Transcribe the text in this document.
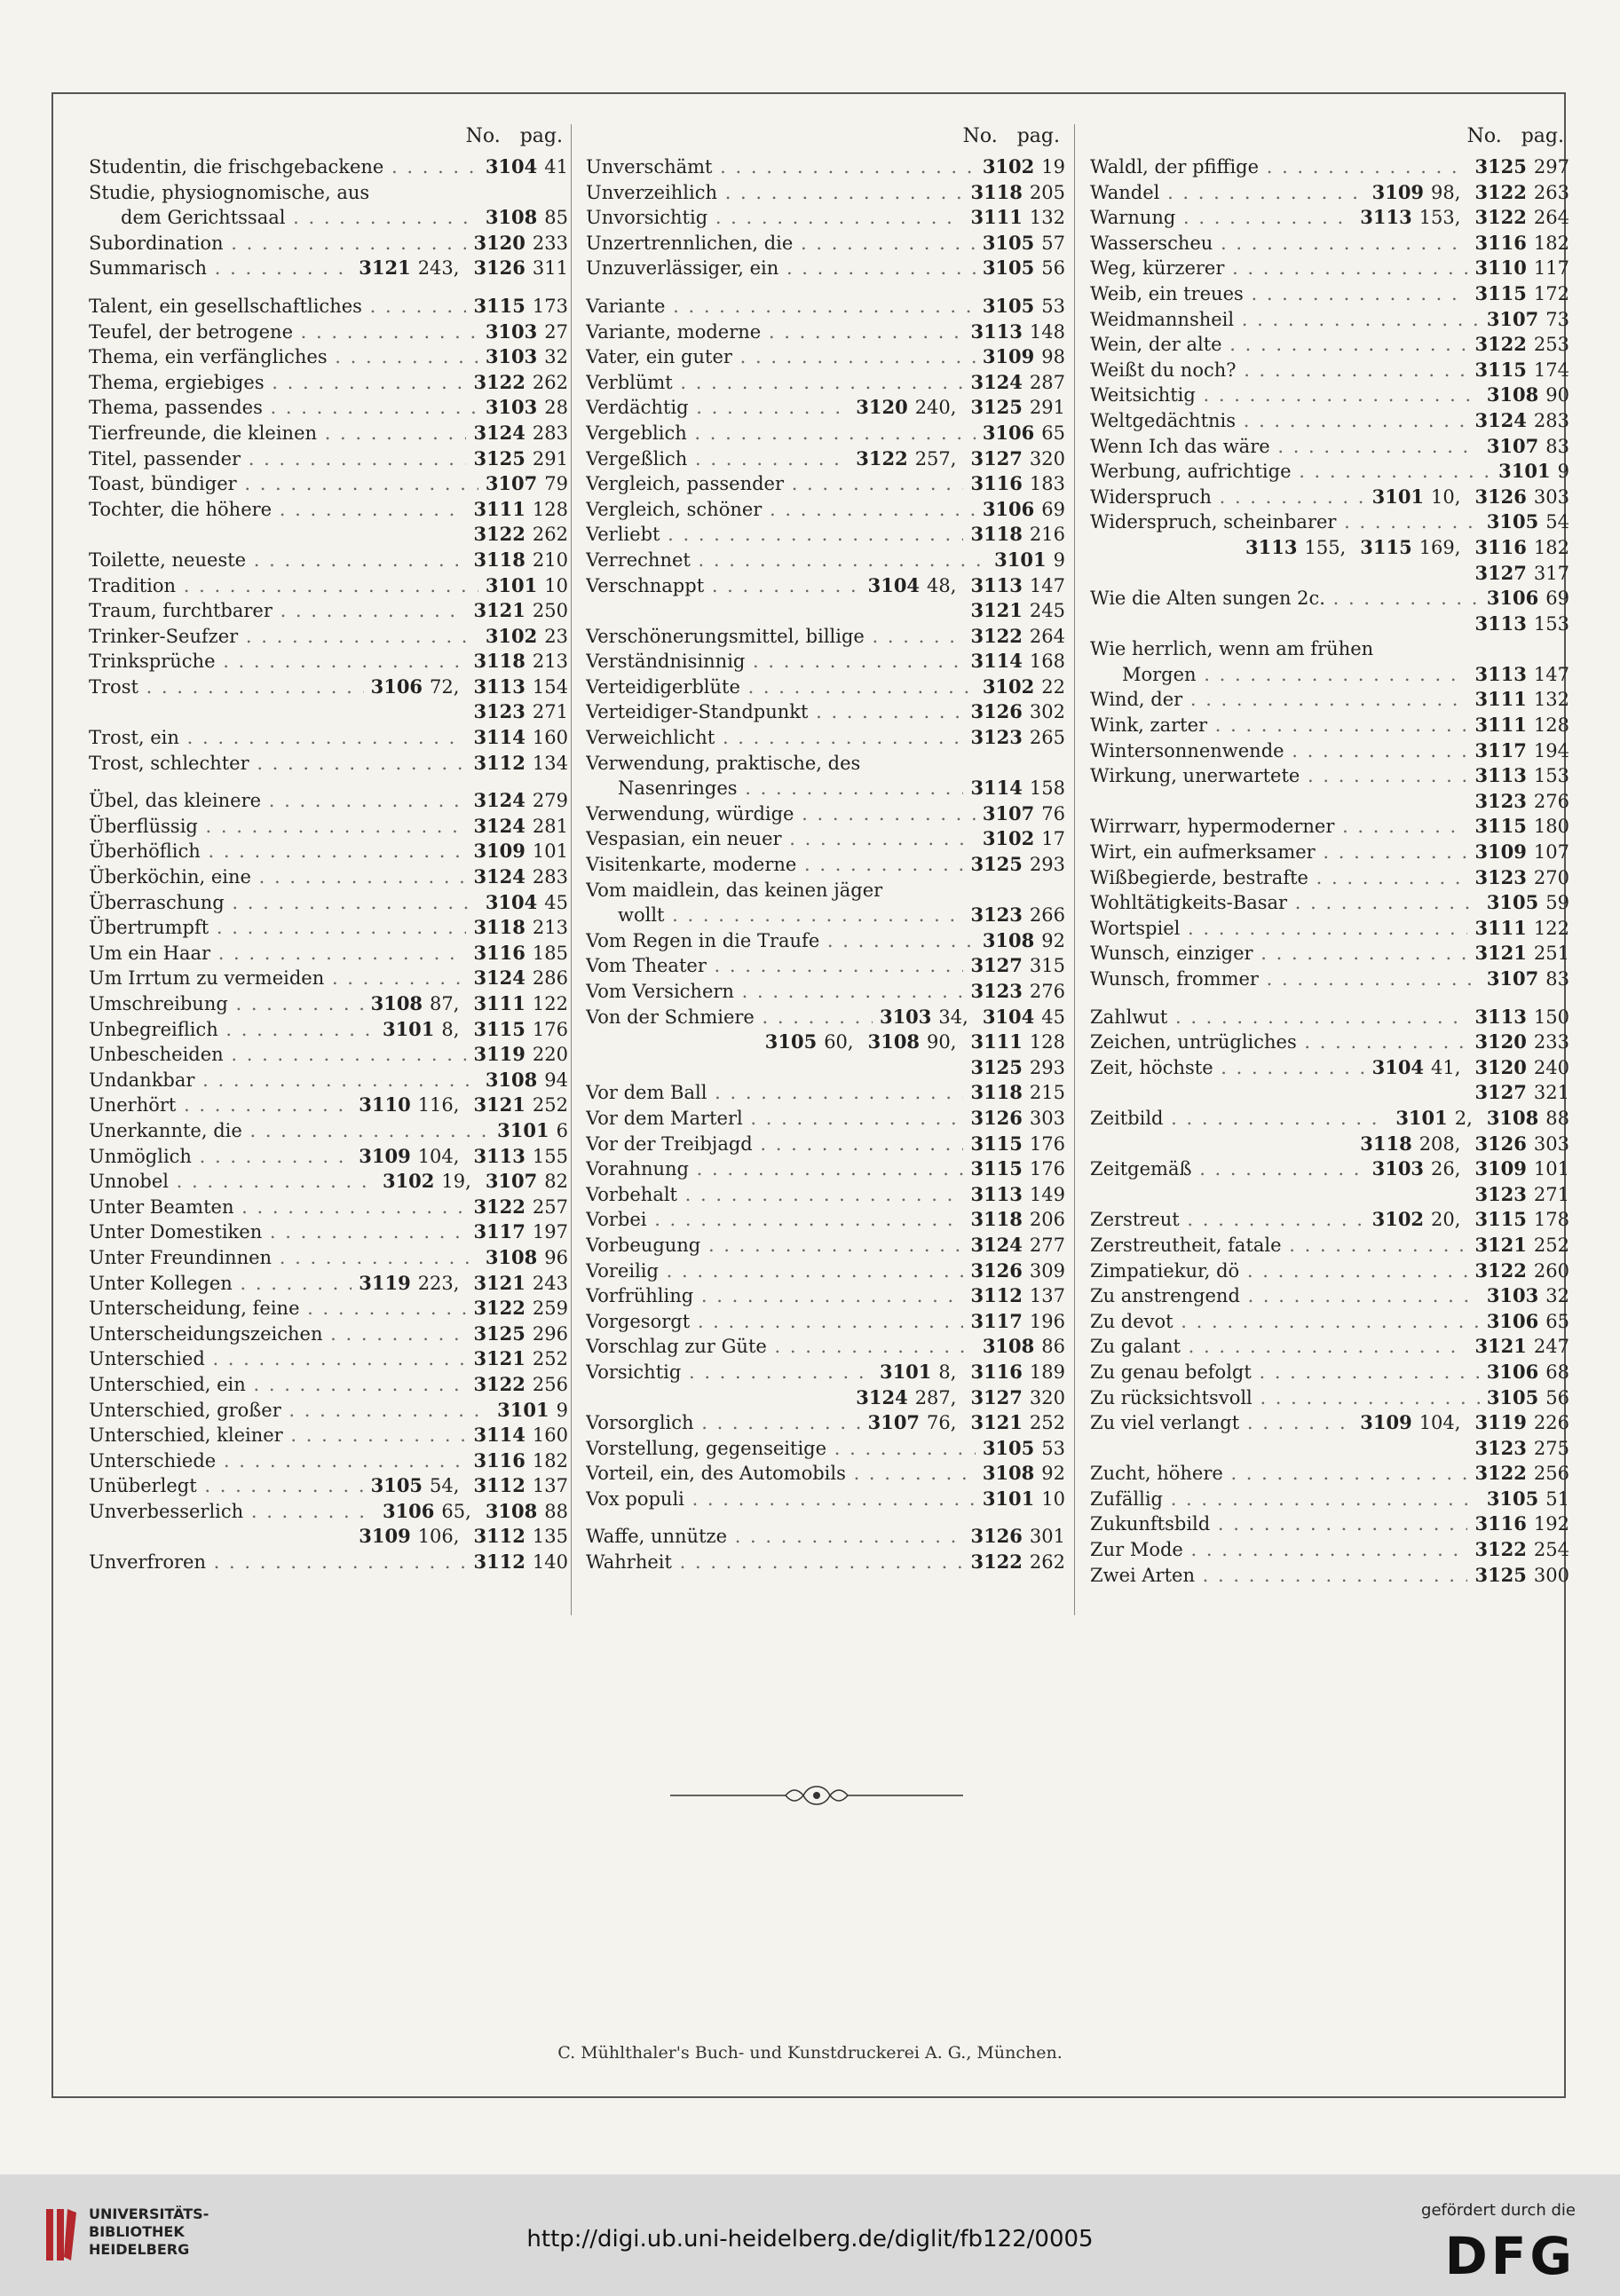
No. pag.
Studentin, die frischgebackene . . .	3104 41
Studie, physiognomische, aus
dem Gerichtssaal . . .	3108 85
Subordination . . .	3120 233
Summarisch . . .	3121 243, 3126 311
Talent, ein gesellschaftliches . . .	3115 173
Teufel, der betrogene . . .	3103 27
Thema, ein verfängliches . . .	3103 32
Thema, ergiebiges . . .	3122 262
Thema, passendes . . .	3103 28
Tierfreunde, die kleinen . . .	3124 283
Titel, passender . . .	3125 291
Toast, bündiger . . .	3107 79
Tochter, die höhere . . .	3111 128
3122 262
Toilette, neueste . . .	3118 210
Tradition . . .	3101 10
Traum, furchtbarer . . .	3121 250
Trinker-Seufzer . . .	3102 23
Trinksprüche . . .	3118 213
Trost . . .	3106 72, 3113 154
3123 271
Trost, ein . . .	3114 160
Trost, schlechter . . .	3112 134
Übel, das kleinere . . .	3124 279
Überflüssig . . .	3124 281
Überhöflich . . .	3109 101
Überköchin, eine . . .	3124 283
Überraschung . . .	3104 45
Übertrumpft . . .	3118 213
Um ein Haar . . .	3116 185
Um Irrtum zu vermeiden . . .	3124 286
Umschreibung . . .	3108 87, 3111 122
Unbegreiflich . . .	3101 8, 3115 176
Unbescheiden . . .	3119 220
Undankbar . . .	3108 94
Unerhört . . .	3110 116, 3121 252
Unerkannte, die . . .	3101 6
Unmöglich . . .	3109 104, 3113 155
Unnobel . . .	3102 19, 3107 82
Unter Beamten . . .	3122 257
Unter Domestiken . . .	3117 197
Unter Freundinnen . . .	3108 96
Unter Kollegen . . .	3119 223, 3121 243
Unterscheidung, feine . . .	3122 259
Unterscheidungszeichen . . .	3125 296
Unterschied . . .	3121 252
Unterschied, ein . . .	3122 256
Unterschied, großer . . .	3101 9
Unterschied, kleiner . . .	3114 160
Unterschiede . . .	3116 182
Unüberlegt . . .	3105 54, 3112 137
Unverbesserlich . . .	3106 65, 3108 88
3109 106, 3112 135
Unverfroren . . .	3112 140
No. pag.
Unverschämt . . .	3102 19
Unverzeihlich . . .	3118 205
Unvorsichtig . . .	3111 132
Unzertrennlichen, die . . .	3105 57
Unzuverlässiger, ein . . .	3105 56
Variante . . .	3105 53
Variante, moderne . . .	3113 148
Vater, ein guter . . .	3109 98
Verblümt . . .	3124 287
Verdächtig . . .	3120 240, 3125 291
Vergeblich . . .	3106 65
Vergeßlich . . .	3122 257, 3127 320
Vergleich, passender . . .	3116 183
Vergleich, schöner . . .	3106 69
Verliebt . . .	3118 216
Verrechnet . . .	3101 9
Verschnappt . . .	3104 48, 3113 147
3121 245
Verschönerungsmittel, billige . . .	3122 264
Verständnisinnig . . .	3114 168
Verteidigerblüte . . .	3102 22
Verteidiger-Standpunkt . . .	3126 302
Verweichlicht . . .	3123 265
Verwendung, praktische, des
Nasenringes . . .	3114 158
Verwendung, würdige . . .	3107 76
Vespasian, ein neuer . . .	3102 17
Visitenkarte, moderne . . .	3125 293
Vom maidlein, das keinen jäger
wollt . . .	3123 266
Vom Regen in die Traufe . . .	3108 92
Vom Theater . . .	3127 315
Vom Versichern . . .	3123 276
Von der Schmiere . . .	3103 34, 3104 45
3105 60, 3108 90, 3111 128
3125 293
Vor dem Ball . . .	3118 215
Vor dem Marterl . . .	3126 303
Vor der Treibjagd . . .	3115 176
Vorahnung . . .	3115 176
Vorbehalt . . .	3113 149
Vorbei . . .	3118 206
Vorbeugung . . .	3124 277
Voreilig . . .	3126 309
Vorfrühling . . .	3112 137
Vorgesorgt . . .	3117 196
Vorschlag zur Güte . . .	3108 86
Vorsichtig . . .	3101 8, 3116 189
3124 287, 3127 320
Vorsorglich . . .	3107 76, 3121 252
Vorstellung, gegenseitige . . .	3105 53
Vorteil, ein, des Automobils . . .	3108 92
Vox populi . . .	3101 10
Waffe, unnütze . . .	3126 301
Wahrheit . . .	3122 262
No. pag.
Waldl, der pfiffige . . .	3125 297
Wandel . . .	3109 98, 3122 263
Warnung . . .	3113 153, 3122 264
Wasserscheu . . .	3116 182
Weg, kürzerer . . .	3110 117
Weib, ein treues . . .	3115 172
Weidmannsheil . . .	3107 73
Wein, der alte . . .	3122 253
Weißt du noch? . . .	3115 174
Weitsichtig . . .	3108 90
Weltgedächtnis . . .	3124 283
Wenn Ich das wäre . . .	3107 83
Werbung, aufrichtige . . .	3101 9
Widerspruch . . .	3101 10, 3126 303
Widerspruch, scheinbarer . . .	3105 54
3113 155, 3115 169, 3116 182
3127 317
Wie die Alten sungen 2c. . . .	3106 69
3113 153
Wie herrlich, wenn am frühen
Morgen . . .	3113 147
Wind, der . . .	3111 132
Wink, zarter . . .	3111 128
Wintersonnenwende . . .	3117 194
Wirkung, unerwartete . . .	3113 153
3123 276
Wirrwarr, hypermoderner . . .	3115 180
Wirt, ein aufmerksamer . . .	3109 107
Wißbegierde, bestrafte . . .	3123 270
Wohltätigkeits-Basar . . .	3105 59
Wortspiel . . .	3111 122
Wunsch, einziger . . .	3121 251
Wunsch, frommer . . .	3107 83
Zahlwut . . .	3113 150
Zeichen, untrügliches . . .	3120 233
Zeit, höchste . . .	3104 41, 3120 240
3127 321
Zeitbild . . .	3101 2, 3108 88
3118 208, 3126 303
Zeitgemäß . . .	3103 26, 3109 101
3123 271
Zerstreut . . .	3102 20, 3115 178
Zerstreutheit, fatale . . .	3121 252
Zimpatiekur, dö . . .	3122 260
Zu anstrengend . . .	3103 32
Zu devot . . .	3106 65
Zu galant . . .	3121 247
Zu genau befolgt . . .	3106 68
Zu rücksichtsvoll . . .	3105 56
Zu viel verlangt . . .	3109 104, 3119 226
3123 275
Zucht, höhere . . .	3122 256
Zufällig . . .	3105 51
Zukunftsbild . . .	3116 192
Zur Mode . . .	3122 254
Zwei Arten . . .	3125 300
C. Mühlthaler's Buch- und Kunstdruckerei A. G., München.
UNIVERSITÄTS-
BIBLIOTHEK
HEIDELBERG	http://digi.ub.uni-heidelberg.de/diglit/fb122/0005
gefördert durch die
DFG
